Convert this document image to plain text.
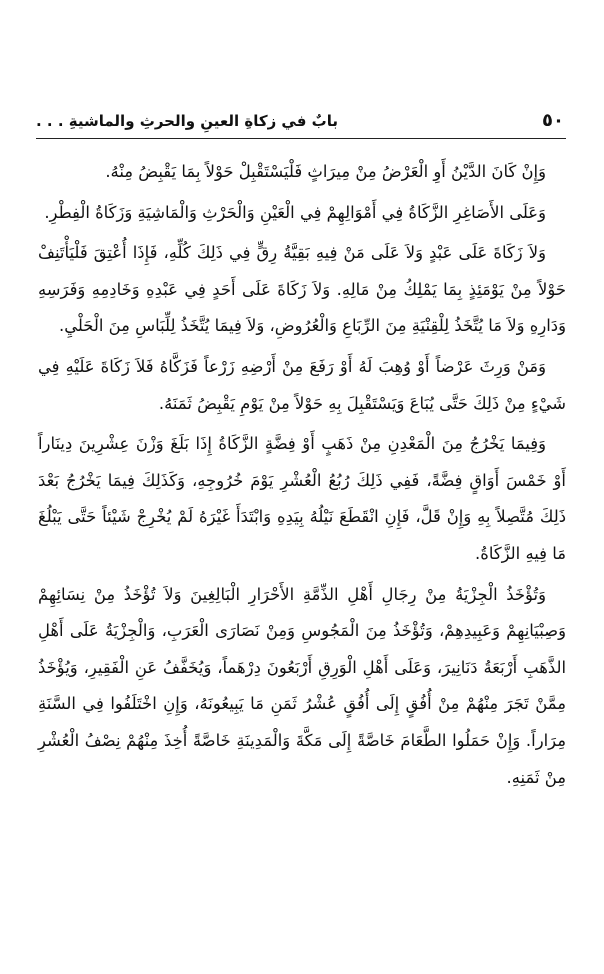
٥٠
بابٌ في زكاةِ العينِ والحرثِ والماشيةِ . . .

وَإِنْ كَانَ الدَّيْنُ أَوِ الْعَرْضُ مِنْ مِيرَاثٍ فَلْيَسْتَقْبِلْ حَوْلاً بِمَا يَقْبِضُ مِنْهُ.

وَعَلَى الأَصَاغِرِ الزَّكَاةُ فِي أَمْوَالِهِمْ فِي الْعَيْنِ وَالْحَرْثِ وَالْمَاشِيَةِ وَزَكَاةُ الْفِطْرِ.

وَلاَ زَكَاةَ عَلَى عَبْدٍ وَلاَ عَلَى مَنْ فِيهِ بَقِيَّةُ رِقٍّ فِي ذَلِكَ كُلِّهِ، فَإِذَا أُعْتِقَ فَلْيَأْتَنِفْ حَوْلاً مِنْ يَوْمَئِذٍ بِمَا يَمْلِكُ مِنْ مَالِهِ. وَلاَ زَكَاةَ عَلَى أَحَدٍ فِي عَبْدِهِ وَخَادِمِهِ وَفَرَسِهِ وَدَارِهِ وَلاَ مَا يُتَّخَذُ لِلْقِنْيَةِ مِنَ الرِّبَاعِ وَالْعُرُوضِ، وَلاَ فِيمَا يُتَّخَذُ لِلِّبَاسِ مِنَ الْحَلْيِ.

وَمَنْ وَرِثَ عَرْضاً أَوْ وُهِبَ لَهُ أَوْ رَفَعَ مِنْ أَرْضِهِ زَرْعاً فَزَكَّاهُ فَلاَ زَكَاةَ عَلَيْهِ فِي شَيْءٍ مِنْ ذَلِكَ حَتَّى يُبَاعَ وَيَسْتَقْبِلَ بِهِ حَوْلاً مِنْ يَوْمِ يَقْبِضُ ثَمَنَهُ.

وَفِيمَا يَخْرُجُ مِنَ الْمَعْدِنِ مِنْ ذَهَبٍ أَوْ فِضَّةٍ الزَّكَاةُ إِذَا بَلَغَ وَزْنَ عِشْرِينَ دِينَاراً أَوْ خَمْسَ أَوَاقٍ فِضَّةً، فَفِي ذَلِكَ رُبُعُ الْعُشْرِ يَوْمَ خُرُوجِهِ، وَكَذَلِكَ فِيمَا يَخْرُجُ بَعْدَ ذَلِكَ مُتَّصِلاً بِهِ وَإِنْ قَلَّ، فَإِنِ انْقَطَعَ نَيْلُهُ بِيَدِهِ وَابْتَدَأَ غَيْرَهُ لَمْ يُخْرِجْ شَيْئاً حَتَّى يَبْلُغَ مَا فِيهِ الزَّكَاةُ.

وَتُؤْخَذُ الْجِزْيَةُ مِنْ رِجَالِ أَهْلِ الذِّمَّةِ الأَحْرَارِ الْبَالِغِينَ وَلاَ تُؤْخَذُ مِنْ نِسَائِهِمْ وَصِبْيَانِهِمْ وَعَبِيدِهِمْ، وَتُؤْخَذُ مِنَ الْمَجُوسِ وَمِنْ نَصَارَى الْعَرَبِ، وَالْجِزْيَةُ عَلَى أَهْلِ الذَّهَبِ أَرْبَعَةُ دَنَانِيرَ، وَعَلَى أَهْلِ الْوَرِقِ أَرْبَعُونَ دِرْهَماً، وَيُخَفَّفُ عَنِ الْفَقِيرِ، وَيُؤْخَذُ مِمَّنْ تَجَرَ مِنْهُمْ مِنْ أُفُقٍ إِلَى أُفُقٍ عُشْرُ ثَمَنِ مَا يَبِيعُونَهُ، وَإِنِ اخْتَلَفُوا فِي السَّنَةِ مِرَاراً. وَإِنْ حَمَلُوا الطَّعَامَ خَاصَّةً إِلَى مَكَّةَ وَالْمَدِينَةِ خَاصَّةً أُخِذَ مِنْهُمْ نِصْفُ الْعُشْرِ مِنْ ثَمَنِهِ.
